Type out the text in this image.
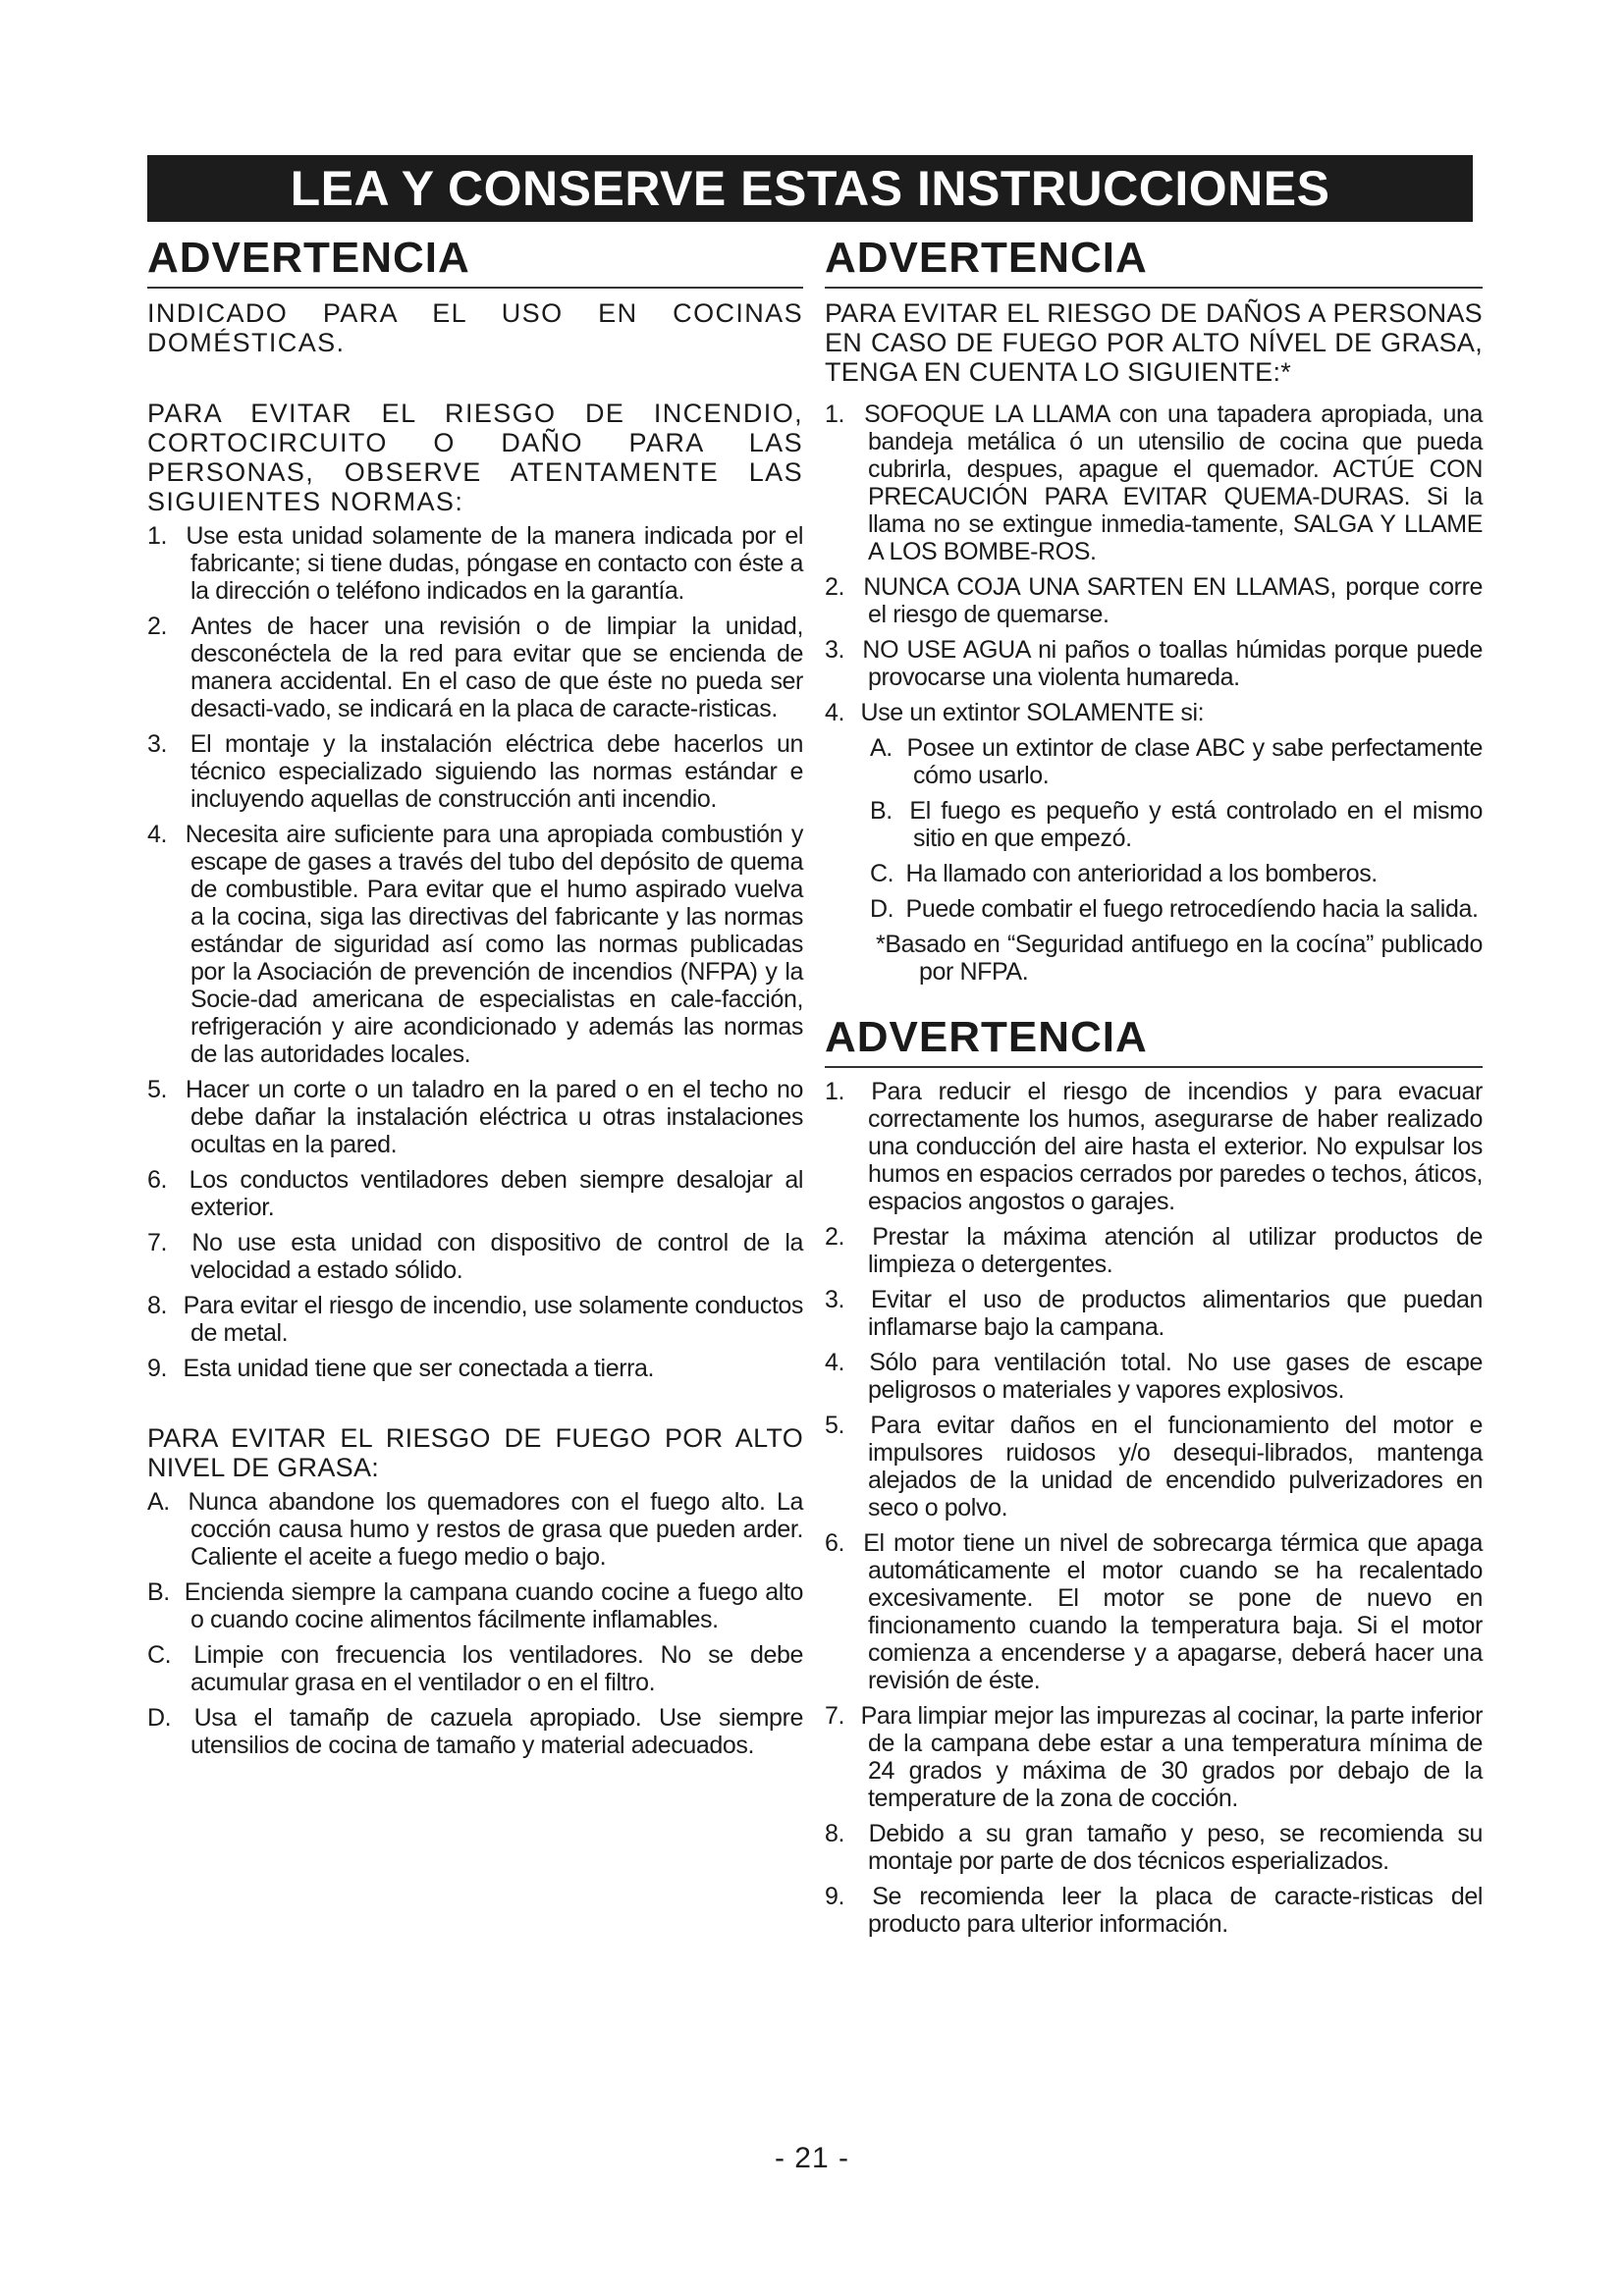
LEA Y CONSERVE ESTAS INSTRUCCIONES
ADVERTENCIA

INDICADO PARA EL USO EN COCINAS DOMÉSTICAS.

PARA EVITAR EL RIESGO DE INCENDIO, CORTOCIRCUITO O DAÑO PARA LAS PERSONAS, OBSERVE ATENTAMENTE LAS SIGUIENTES NORMAS:

1. Use esta unidad solamente de la manera indicada por el fabricante; si tiene dudas, póngase en contacto con éste a la dirección o teléfono indicados en la garantía.
2. Antes de hacer una revisión o de limpiar la unidad, desconéctela de la red para evitar que se encienda de manera accidental. En el caso de que éste no pueda ser desacti-vado, se indicará en la placa de caracte-risticas.
3. El montaje y la instalación eléctrica debe hacerlos un técnico especializado siguiendo las normas estándar e incluyendo aquellas de construcción anti incendio.
4. Necesita aire suficiente para una apropiada combustión y escape de gases a través del tubo del depósito de quema de combustible. Para evitar que el humo aspirado vuelva a la cocina, siga las directivas del fabricante y las normas estándar de siguridad así como las normas publicadas por la Asociación de prevención de incendios (NFPA) y la Socie-dad americana de especialistas en cale-facción, refrigeración y aire acondicionado y además las normas de las autoridades locales.
5. Hacer un corte o un taladro en la pared o en el techo no debe dañar la instalación eléctrica u otras instalaciones ocultas en la pared.
6. Los conductos ventiladores deben siempre desalojar al exterior.
7. No use esta unidad con dispositivo de control de la velocidad a estado sólido.
8. Para evitar el riesgo de incendio, use solamente conductos de metal.
9. Esta unidad tiene que ser conectada a tierra.

PARA EVITAR EL RIESGO DE FUEGO POR ALTO NIVEL DE GRASA:

A. Nunca abandone los quemadores con el fuego alto. La cocción causa humo y restos de grasa que pueden arder. Caliente el aceite a fuego medio o bajo.
B. Encienda siempre la campana cuando cocine a fuego alto o cuando cocine alimentos fácilmente inflamables.
C. Limpie con frecuencia los ventiladores. No se debe acumular grasa en el ventilador o en el filtro.
D. Usa el tamañp de cazuela apropiado. Use siempre utensilios de cocina de tamaño y material adecuados.
ADVERTENCIA

PARA EVITAR EL RIESGO DE DAÑOS A PERSONAS EN CASO DE FUEGO POR ALTO NÍVEL DE GRASA, TENGA EN CUENTA LO SIGUIENTE:*

1. SOFOQUE LA LLAMA con una tapadera apropiada, una bandeja metálica ó un utensilio de cocina que pueda cubrirla, despues, apague el quemador. ACTÚE CON PRECAUCIÓN PARA EVITAR QUEMA-DURAS. Si la llama no se extingue inmedia-tamente, SALGA Y LLAME A LOS BOMBE-ROS.
2. NUNCA COJA UNA SARTEN EN LLAMAS, porque corre el riesgo de quemarse.
3. NO USE AGUA ni paños o toallas húmidas porque puede provocarse una violenta humareda.
4. Use un extintor SOLAMENTE si:
A. Posee un extintor de clase ABC y sabe perfectamente cómo usarlo.
B. El fuego es pequeño y está controlado en el mismo sitio en que empezó.
C. Ha llamado con anterioridad a los bomberos.
D. Puede combatir el fuego retrocedíendo hacia la salida.
*Basado en “Seguridad antifuego en la cocína” publicado por NFPA.
ADVERTENCIA
1. Para reducir el riesgo de incendios y para evacuar correctamente los humos, asegurarse de haber realizado una conducción del aire hasta el exterior. No expulsar los humos en espacios cerrados por paredes o techos, áticos, espacios angostos o garajes.
2. Prestar la máxima atención al utilizar productos de limpieza o detergentes.
3. Evitar el uso de productos alimentarios que puedan inflamarse bajo la campana.
4. Sólo para ventilación total. No use gases de escape peligrosos o materiales y vapores explosivos.
5. Para evitar daños en el funcionamiento del motor e impulsores ruidosos y/o desequi-librados, mantenga alejados de la unidad de encendido pulverizadores en seco o polvo.
6. El motor tiene un nivel de sobrecarga térmica que apaga automáticamente el motor cuando se ha recalentado excesivamente. El motor se pone de nuevo en fincionamento cuando la temperatura baja. Si el motor comienza a encenderse y a apagarse, deberá hacer una revisión de éste.
7. Para limpiar mejor las impurezas al cocinar, la parte inferior de la campana debe estar a una temperatura mínima de 24 grados y máxima de 30 grados por debajo de la temperature de la zona de cocción.
8. Debido a su gran tamaño y peso, se recomienda su montaje por parte de dos técnicos esperializados.
9. Se recomienda leer la placa de caracte-risticas del producto para ulterior información.
- 21 -
